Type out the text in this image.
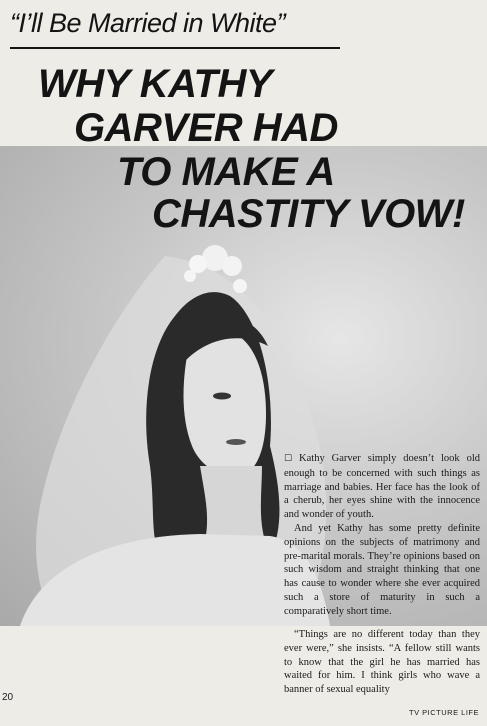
“I’ll Be Married in White”
WHY KATHY
GARVER HAD
TO MAKE A
CHASTITY VOW!

☐ Kathy Garver simply doesn’t look old enough to be concerned with such things as marriage and babies. Her face has the look of a cherub, her eyes shine with the innocence and wonder of youth.

And yet Kathy has some pretty definite opinions on the subjects of matrimony and pre-marital morals. They’re opinions based on such wisdom and straight thinking that one has cause to wonder where she ever acquired such a store of maturity in such a comparatively short time.

“Things are no different today than they ever were,” she insists. “A fellow still wants to know that the girl he has married has waited for him. I think girls who wave a banner of sexual equality

20
TV PICTURE LIFE
